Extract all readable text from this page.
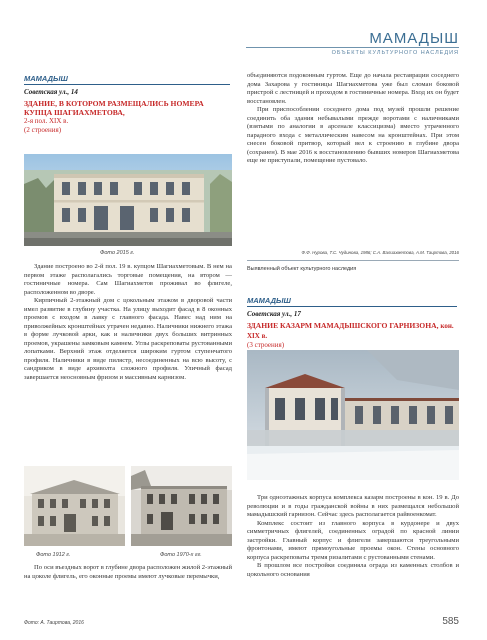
МАМАДЫШ
ОБЪЕКТЫ КУЛЬТУРНОГО НАСЛЕДИЯ
МАМАДЫШ
Советская ул., 14
ЗДАНИЕ, В КОТОРОМ РАЗМЕЩАЛИСЬ НОМЕРА КУПЦА ШАГИАХМЕТОВА,
2-я пол. XIX в.
(2 строения)
Фото 2015 г.

Здание построено во 2-й пол. 19 в. купцом Шагиахметовым. В нем на первом этаже располагались торговые помещения, на втором — гостиничные номера. Сам Шагиахметов проживал во флигеле, расположенном во дворе.

Кирпичный 2-этажный дом с цокольным этажом в дворовой части имел развитие в глубину участка. На улицу выходит фасад в 8 оконных проемов с входом в лавку с главного фасада. Навес над ним на приволжейных кронштейнах утрачен недавно. Наличники нижнего этажа в форме лучковой арки, как и наличники двух больших витринных проемов, украшены замковым камнем. Углы раскреповаты рустованными лопатками. Верхний этаж отделяется широким гуртом ступенчатого профиля. Наличники в виде пилястр, несоединенных на всю высоту, с сандриком в виде архиволта сложного профиля. Уличный фасад завершается неосновным фризом и массивным карнизом.

Фото 1912 г.	Фото 1970-х гг.

По оси въездных ворот в глубине двора расположен жилой 2-этажный на цоколе флигель, его оконные проемы имеют лучковые перемычки,

Фото: А. Таиртова, 2016

объединяются подоконным гуртом. Еще до начала реставрации соседнего дома Захарова у гостиницы Шагиахметова уже был сломан боковой пристрой с лестницей и проходом в гостиничные номера. Вход их он будет восстановлен.

При приспособлении соседнего дома под музей прошли решение соединить оба здания небывалыми прежде воротами с наличниками (взятыми по аналогии в арсенале классицизма) вместо утраченного парадного входа с металлическим навесом на кронштейнах. При этом снесен боковой притвор, который вел к строению в глубине двора (сохранен). В мае 2016 к восстановлению бывших номеров Шагиахметова еще не приступали, помещение пустовало.

Ф.Ф. Нурова, Т.С. Чудинова, 1986; С.А. Валиахметова, А.М. Таиртова, 2016
Выявленный объект культурного наследия
МАМАДЫШ
Советская ул., 17
ЗДАНИЕ КАЗАРМ МАМАДЫШСКОГО ГАРНИЗОНА, кон. XIX в.
(3 строения)

Три одноэтажных корпуса комплекса казарм построены в кон. 19 в. До революции и в годы гражданской войны в них размещался небольшой мамадышский гарнизон. Сейчас здесь располагается райвоенкомат.

Комплекс состоит из главного корпуса в курдонере и двух симметричных флигелей, соединенных оградой по красной линии застройки. Главный корпус и флигели завершаются треугольными фронтонами, имеют прямоугольные проемы окон. Стены основного корпуса раскреповаты тремя ризалитами с рустованными стенами.

В прошлом все постройки соединяла ограда из каменных столбов и цокольного основания

585
